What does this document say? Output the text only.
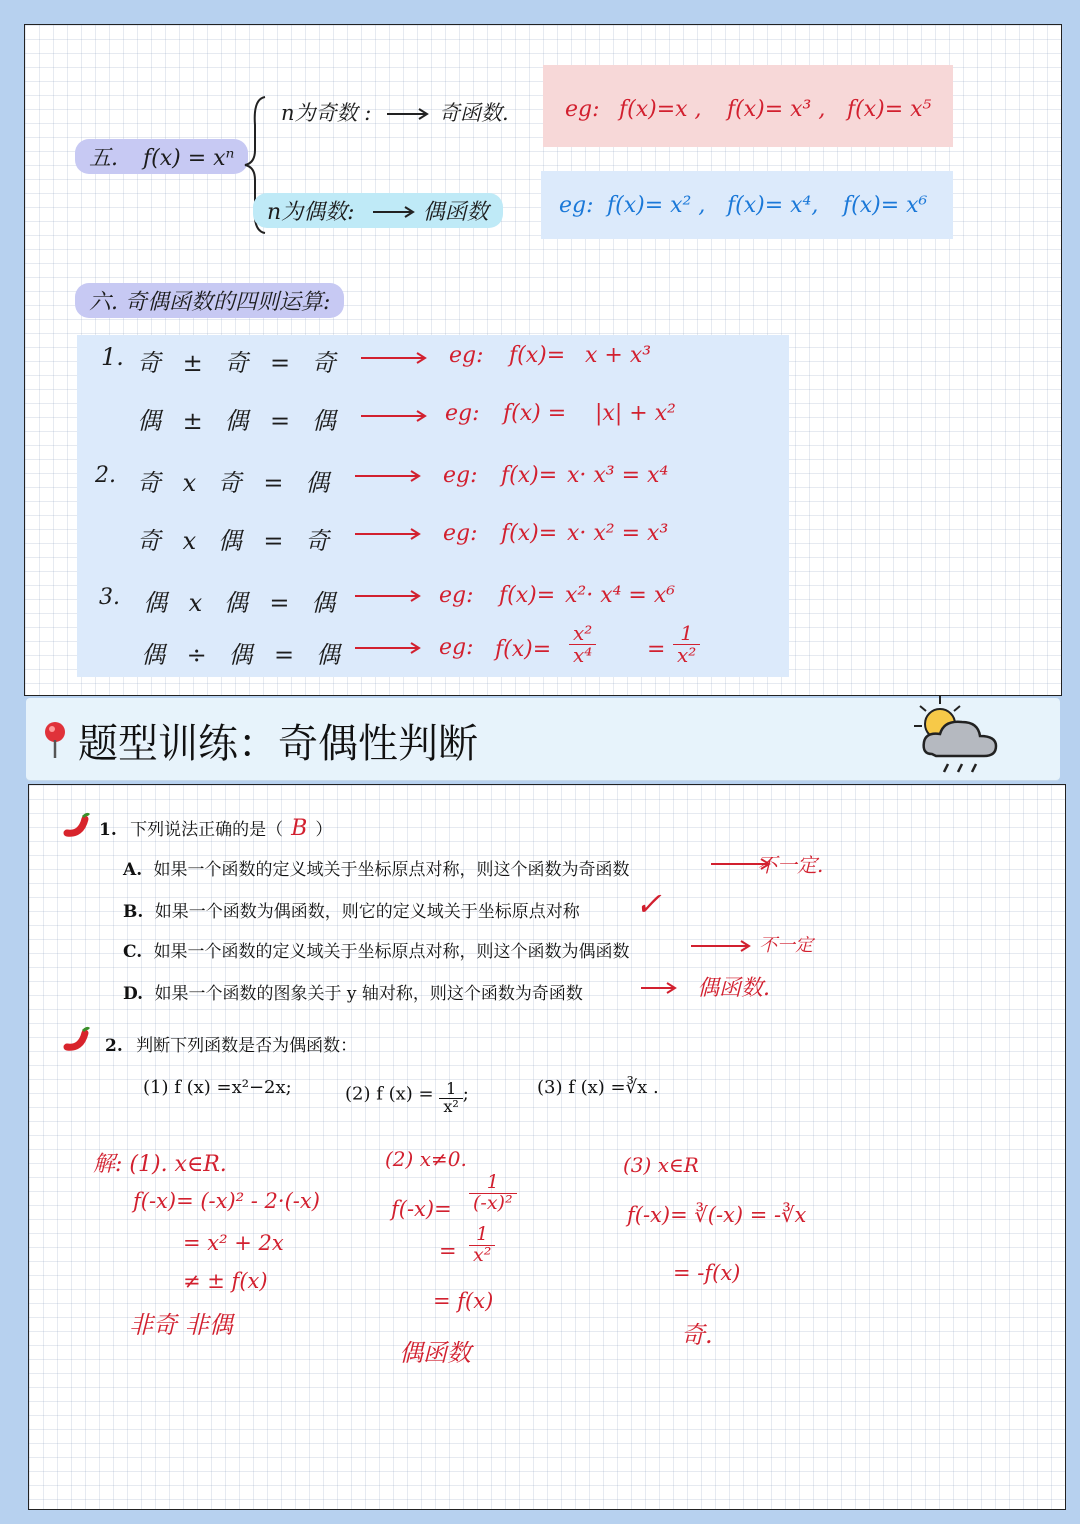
五. f(x) = xⁿ
n为奇数 :	奇函数.	eg: f(x)=x , f(x)= x³ , f(x)= x⁵
n为偶数:	偶函数	eg: f(x)= x² , f(x)= x⁴, f(x)= x⁶
六. 奇偶函数的四则运算:
1. 奇 ± 奇 = 奇	eg: f(x)= x + x³
偶 ± 偶 = 偶	eg: f(x) = |x| + x²
2. 奇 x 奇 = 偶	eg: f(x)= x· x³ = x⁴
奇 x 偶 = 奇	eg: f(x)= x· x² = x³
3. 偶 x 偶 = 偶	eg: f(x)= x²· x⁴ = x⁶
偶 ÷ 偶 = 偶	eg: $f(x)= \frac{\text{x²}}{\text{x⁴}} = \frac{1}{\text{x²}}$
题型训练：奇偶性判断
1. 下列说法正确的是（ B ）
A. 如果一个函数的定义域关于坐标原点对称，则这个函数为奇函数	不一定.
B. 如果一个函数为偶函数，则它的定义域关于坐标原点对称 ✓
C. 如果一个函数的定义域关于坐标原点对称，则这个函数为偶函数	不一定
D. 如果一个函数的图象关于 y 轴对称，则这个函数为奇函数	偶函数.
2. 判断下列函数是否为偶函数：
(1) f (x) =x²−2x;	(2) f $(x) = \frac{1}{\text{x²}}$ ;	(3) f (x) =∛x .
解: (1). x∈R.
f(-x)= (-x)² - 2·(-x)
= x² + 2x
≠ ± f(x)
非奇 非偶
(2) x≠0.
$f(-x)= \frac{1}{\text{(-x)²}}$
= $\frac{1}{\text{x²}}$
= f(x)
偶函数
(3) x∈R
f(-x)= ∛(-x) = -∛x
= -f(x)
奇.
